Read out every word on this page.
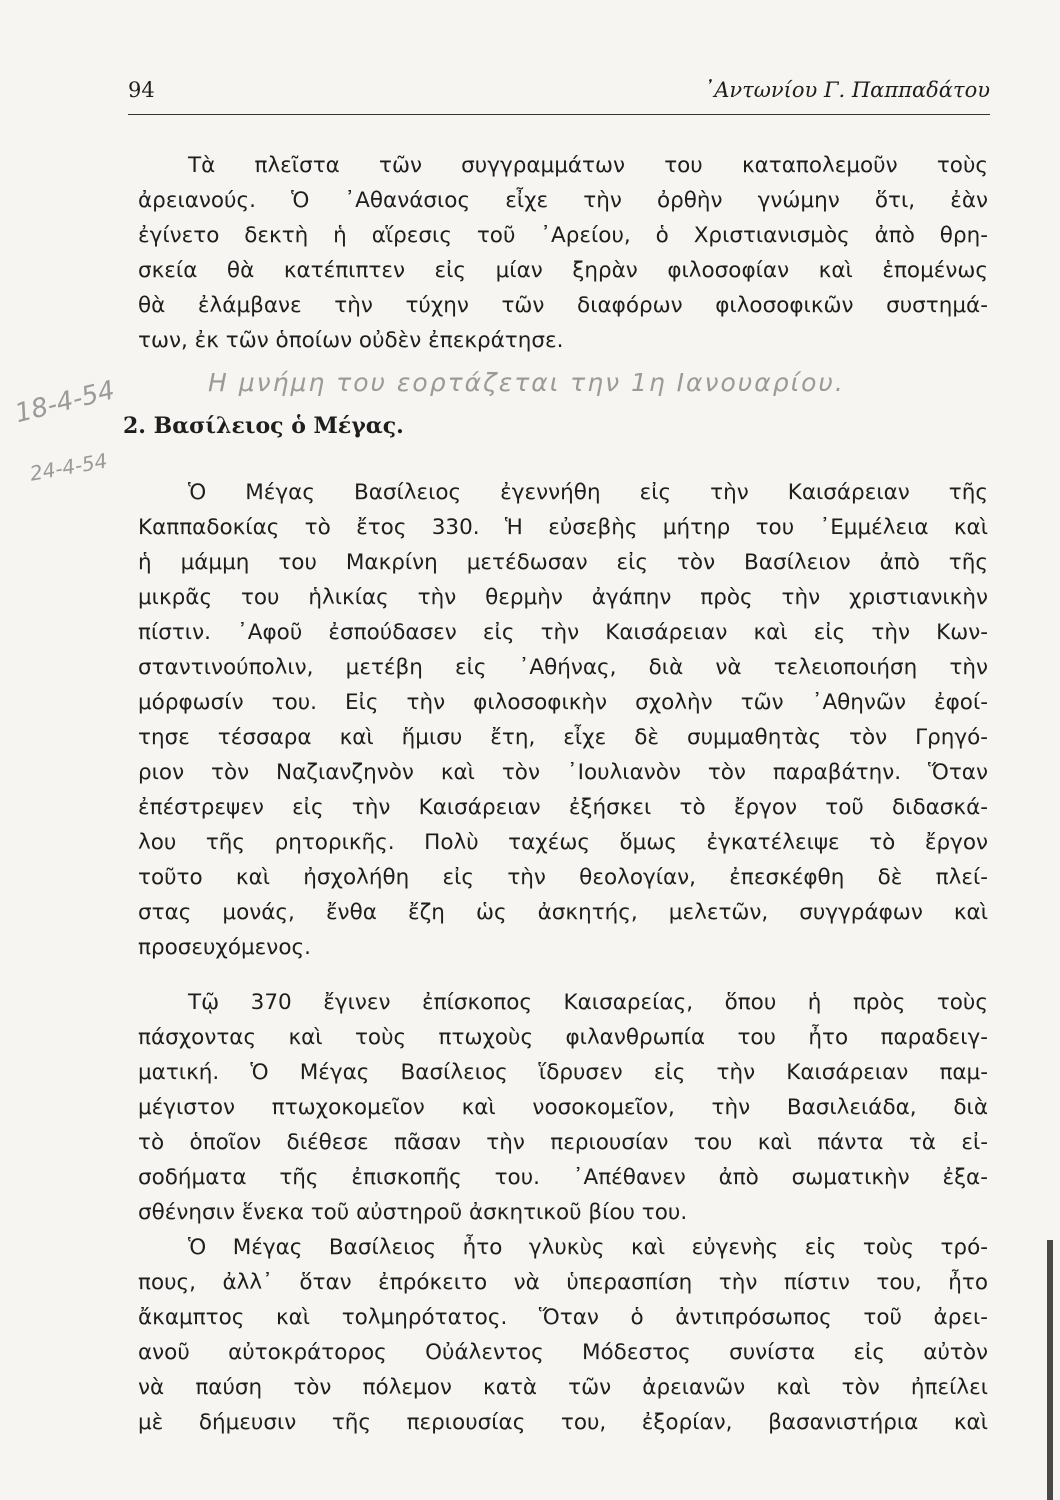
94	᾿Αντωνίου Γ. Παππαδάτου
Τὰ πλεῖστα τῶν συγγραμμάτων του καταπολεμοῦν τοὺς
ἀρειανούς. Ὁ ᾿Αθανάσιος εἶχε τὴν ὀρθὴν γνώμην ὅτι, ἐὰν
ἐγίνετο δεκτὴ ἡ αἵρεσις τοῦ ᾿Αρείου, ὁ Χριστιανισμὸς ἀπὸ θρη-
σκεία θὰ κατέπιπτεν εἰς μίαν ξηρὰν φιλοσοφίαν καὶ ἑπομένως
θὰ ἐλάμβανε τὴν τύχην τῶν διαφόρων φιλοσοφικῶν συστημά-
των, ἐκ τῶν ὁποίων οὐδὲν ἐπεκράτησε.
Η μνήμη του εορτάζεται την 1η Ιανουαρίου.
18-4-54
24-4-54
2. Βασίλειος ὁ Μέγας.
Ὁ Μέγας Βασίλειος ἐγεννήθη εἰς τὴν Καισάρειαν τῆς
Καππαδοκίας τὸ ἔτος 330. Ἡ εὐσεβὴς μήτηρ του ᾿Εμμέλεια καὶ
ἡ μάμμη του Μακρίνη μετέδωσαν εἰς τὸν Βασίλειον ἀπὸ τῆς
μικρᾶς του ἡλικίας τὴν θερμὴν ἀγάπην πρὸς τὴν χριστιανικὴν
πίστιν. ᾿Αφοῦ ἐσπούδασεν εἰς τὴν Καισάρειαν καὶ εἰς τὴν Κων-
σταντινούπολιν, μετέβη εἰς ᾿Αθήνας, διὰ νὰ τελειοποιήση τὴν
μόρφωσίν του. Εἰς τὴν φιλοσοφικὴν σχολὴν τῶν ᾿Αθηνῶν ἐφοί-
τησε τέσσαρα καὶ ἥμισυ ἔτη, εἶχε δὲ συμμαθητὰς τὸν Γρηγό-
ριον τὸν Ναζιανζηνὸν καὶ τὸν ᾿Ιουλιανὸν τὸν παραβάτην. Ὅταν
ἐπέστρεψεν εἰς τὴν Καισάρειαν ἐξήσκει τὸ ἔργον τοῦ διδασκά-
λου τῆς ρητορικῆς. Πολὺ ταχέως ὅμως ἐγκατέλειψε τὸ ἔργον
τοῦτο καὶ ἠσχολήθη εἰς τὴν θεολογίαν, ἐπεσκέφθη δὲ πλεί-
στας μονάς, ἔνθα ἔζη ὡς ἀσκητής, μελετῶν, συγγράφων καὶ
προσευχόμενος.
Τῷ 370 ἔγινεν ἐπίσκοπος Καισαρείας, ὅπου ἡ πρὸς τοὺς
πάσχοντας καὶ τοὺς πτωχοὺς φιλανθρωπία του ἦτο παραδειγ-
ματική. Ὁ Μέγας Βασίλειος ἵδρυσεν εἰς τὴν Καισάρειαν παμ-
μέγιστον πτωχοκομεῖον καὶ νοσοκομεῖον, τὴν Βασιλειάδα, διὰ
τὸ ὁποῖον διέθεσε πᾶσαν τὴν περιουσίαν του καὶ πάντα τὰ εἰ-
σοδήματα τῆς ἐπισκοπῆς του. ᾿Απέθανεν ἀπὸ σωματικὴν ἐξα-
σθένησιν ἕνεκα τοῦ αὐστηροῦ ἀσκητικοῦ βίου του.
Ὁ Μέγας Βασίλειος ἦτο γλυκὺς καὶ εὐγενὴς εἰς τοὺς τρό-
πους, ἀλλ᾿ ὅταν ἐπρόκειτο νὰ ὑπερασπίση τὴν πίστιν του, ἦτο
ἄκαμπτος καὶ τολμηρότατος. Ὅταν ὁ ἀντιπρόσωπος τοῦ ἀρει-
ανοῦ αὐτοκράτορος Οὐάλεντος Μόδεστος συνίστα εἰς αὐτὸν
νὰ παύση τὸν πόλεμον κατὰ τῶν ἀρειανῶν καὶ τὸν ἠπείλει
μὲ δήμευσιν τῆς περιουσίας του, ἐξορίαν, βασανιστήρια καὶ
